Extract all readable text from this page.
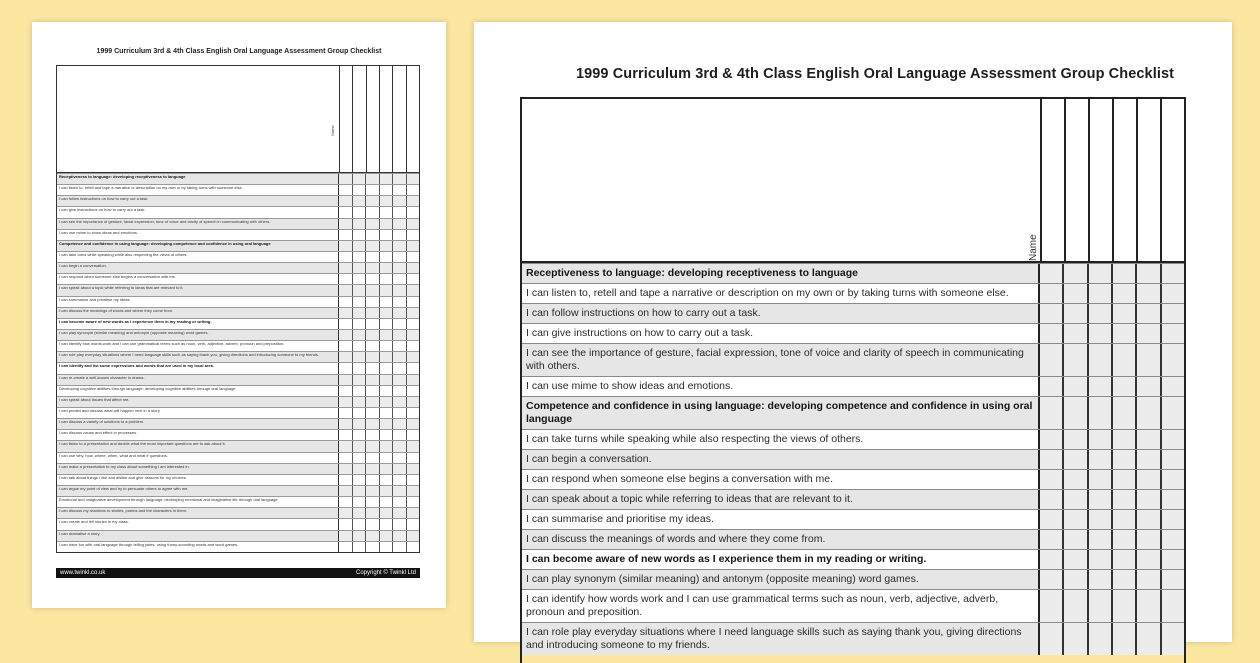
1999 Curriculum 3rd & 4th Class English Oral Language Assessment Group Checklist
Name
Receptiveness to language: developing receptiveness to language
I can listen to, retell and tape a narrative or description on my own or by taking turns with someone else.
I can follow instructions on how to carry out a task.
I can give instructions on how to carry out a task.
I can see the importance of gesture, facial expression, tone of voice and clarity of speech in communicating with others.
I can use mime to show ideas and emotions.
Competence and confidence in using language: developing competence and confidence in using oral language
I can take turns while speaking while also respecting the views of others.
I can begin a conversation.
I can respond when someone else begins a conversation with me.
I can speak about a topic while referring to ideas that are relevant to it.
I can summarise and prioritise my ideas.
I can discuss the meanings of words and where they come from.
I can become aware of new words as I experience them in my reading or writing.
I can play synonym (similar meaning) and antonym (opposite meaning) word games.
I can identify how words work and I can use grammatical terms such as noun, verb, adjective, adverb, pronoun and preposition.
I can role play everyday situations where I need language skills such as saying thank you, giving directions and introducing someone to my friends.
I can identify and list some expressions and words that are used in my local area.
I can re-create a well-known character in drama.
Developing cognitive abilities through language: developing cognitive abilities through oral language
I can speak about issues that affect me.
I can predict and discuss what will happen next in a story.
I can discuss a variety of solutions to a problem.
I can discuss cause and effect in processes.
I can listen to a presentation and decide what the most important questions are to ask about it.
I can use why, how, where, when, what and what if questions.
I can make a presentation to my class about something I am interested in.
I can talk about things I like and dislike and give reasons for my choices.
I can argue my point of view and try to persuade others to agree with me.
Emotional and imaginative development through language: developing emotional and imaginative life through oral language
I can discuss my reactions to stories, poems and the characters in them.
I can create and tell stories in my class.
I can dramatise a story.
I can have fun with oral language through telling jokes, using funny-sounding words and word games.
www.twinkl.co.uk	Copyright © Twinkl Ltd
1999 Curriculum 3rd & 4th Class English Oral Language Assessment Group Checklist
Name
Receptiveness to language: developing receptiveness to language
I can listen to, retell and tape a narrative or description on my own or by taking turns with someone else.
I can follow instructions on how to carry out a task.
I can give instructions on how to carry out a task.
I can see the importance of gesture, facial expression, tone of voice and clarity of speech in communicating with others.
I can use mime to show ideas and emotions.
Competence and confidence in using language: developing competence and confidence in using oral language
I can take turns while speaking while also respecting the views of others.
I can begin a conversation.
I can respond when someone else begins a conversation with me.
I can speak about a topic while referring to ideas that are relevant to it.
I can summarise and prioritise my ideas.
I can discuss the meanings of words and where they come from.
I can become aware of new words as I experience them in my reading or writing.
I can play synonym (similar meaning) and antonym (opposite meaning) word games.
I can identify how words work and I can use grammatical terms such as noun, verb, adjective, adverb, pronoun and preposition.
I can role play everyday situations where I need language skills such as saying thank you, giving directions and introducing someone to my friends.
